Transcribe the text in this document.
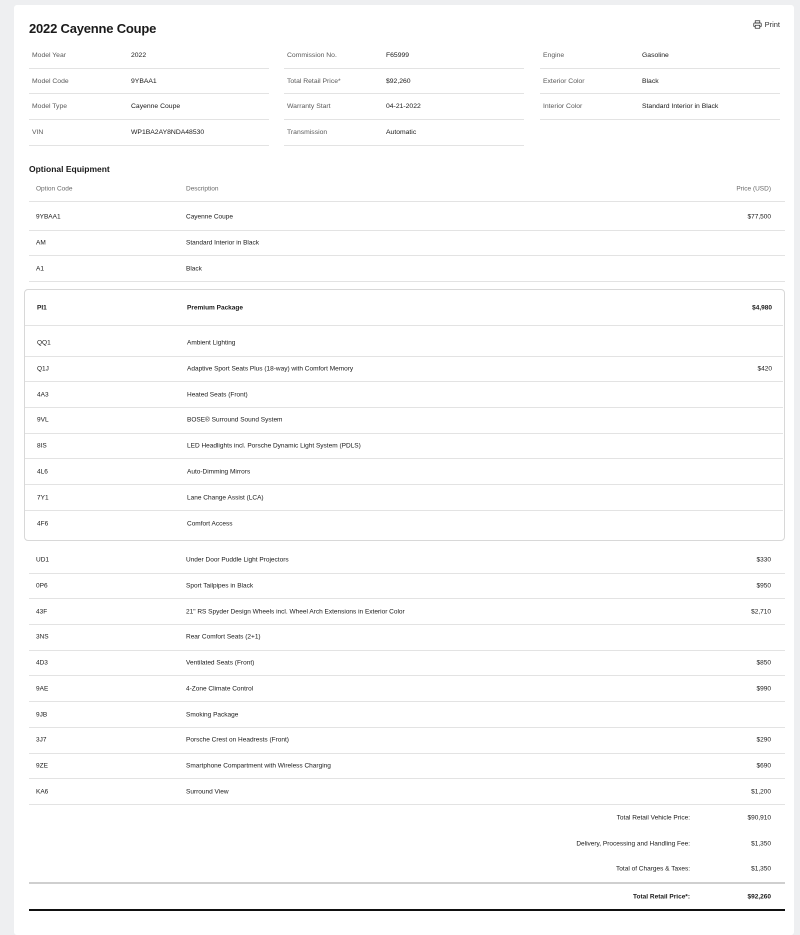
2022 Cayenne Coupe	Print
Model Year	2022
Model Code	9YBAA1
Model Type	Cayenne Coupe
VIN	WP1BA2AY8NDA48530
Commission No.	F65999
Total Retail Price*	$92,260
Warranty Start	04-21-2022
Transmission	Automatic
Engine	Gasoline
Exterior Color	Black
Interior Color	Standard Interior in Black
Optional Equipment
Option Code	Description	Price (USD)
9YBAA1	Cayenne Coupe	$77,500
AM	Standard Interior in Black
A1	Black
PI1	Premium Package	$4,980
QQ1	Ambient Lighting
Q1J	Adaptive Sport Seats Plus (18-way) with Comfort Memory	$420
4A3	Heated Seats (Front)
9VL	BOSE® Surround Sound System
8IS	LED Headlights incl. Porsche Dynamic Light System (PDLS)
4L6	Auto-Dimming Mirrors
7Y1	Lane Change Assist (LCA)
4F6	Comfort Access
UD1	Under Door Puddle Light Projectors	$330
0P6	Sport Tailpipes in Black	$950
43F	21" RS Spyder Design Wheels incl. Wheel Arch Extensions in Exterior Color	$2,710
3NS	Rear Comfort Seats (2+1)
4D3	Ventilated Seats (Front)	$850
9AE	4-Zone Climate Control	$990
9JB	Smoking Package
3J7	Porsche Crest on Headrests (Front)	$290
9ZE	Smartphone Compartment with Wireless Charging	$690
KA6	Surround View	$1,200
Total Retail Vehicle Price:	$90,910
Delivery, Processing and Handling Fee:	$1,350
Total of Charges & Taxes:	$1,350
Total Retail Price*:	$92,260
